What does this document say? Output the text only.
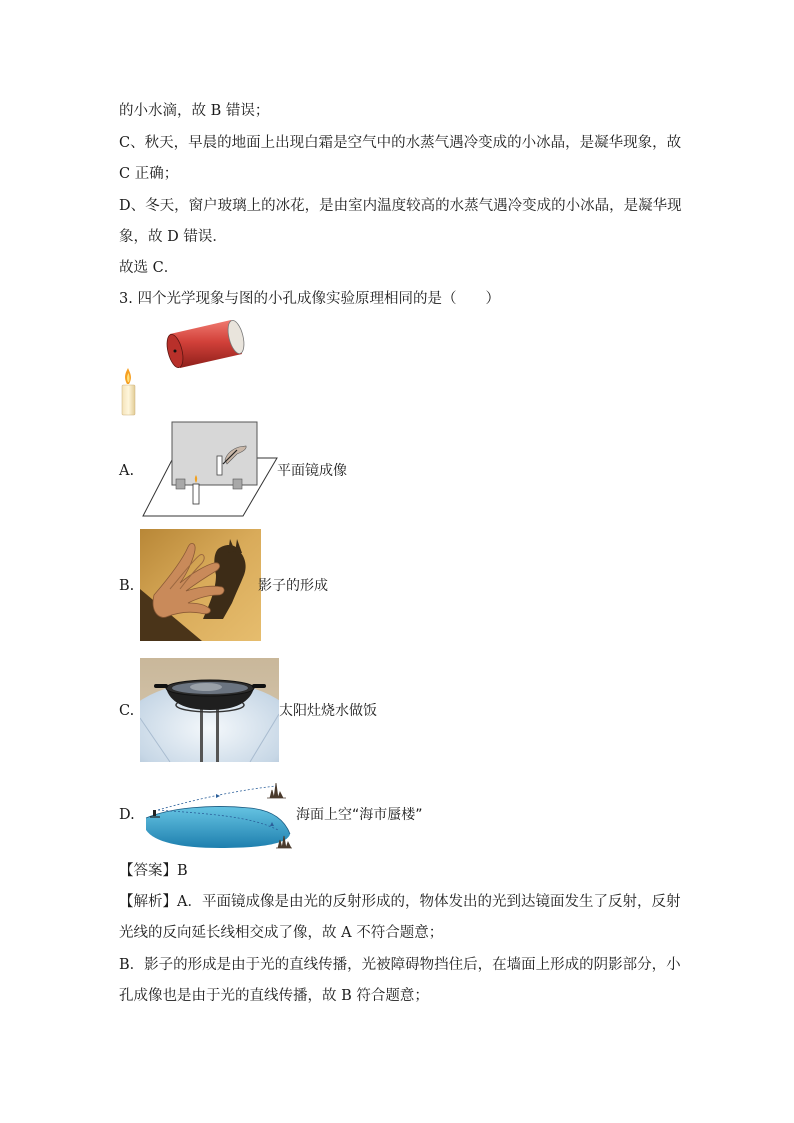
的小水滴，故 B 错误；
C、秋天，早晨的地面上出现白霜是空气中的水蒸气遇冷变成的小冰晶，是凝华现象，故
C 正确；
D、冬天，窗户玻璃上的冰花，是由室内温度较高的水蒸气遇冷变成的小冰晶，是凝华现
象，故 D 错误．
故选 C．
3. 四个光学现象与图的小孔成像实验原理相同的是（　　）
A.	平面镜成像
B.	影子的形成
C.	太阳灶烧水做饭
D.	海面上空“海市蜃楼”
【答案】B
【解析】A．平面镜成像是由光的反射形成的，物体发出的光到达镜面发生了反射，反射
光线的反向延长线相交成了像，故 A 不符合题意；
B．影子的形成是由于光的直线传播，光被障碍物挡住后，在墙面上形成的阴影部分，小
孔成像也是由于光的直线传播，故 B 符合题意；
